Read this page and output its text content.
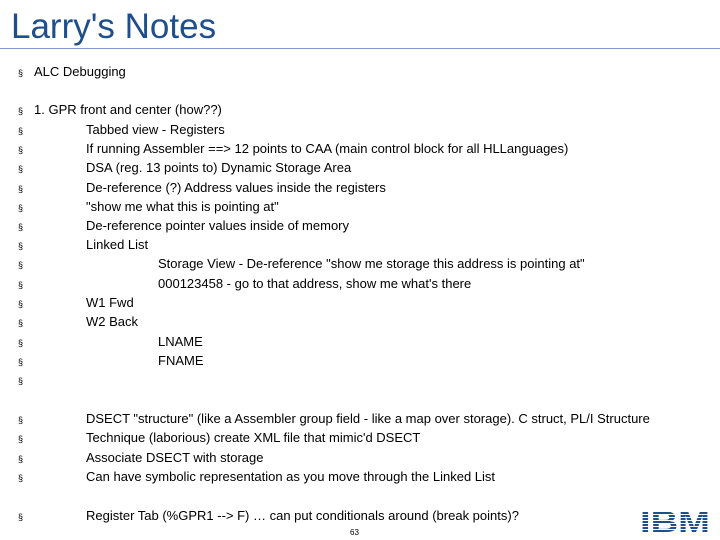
Larry's Notes
§ ALC Debugging
§ 1. GPR front and center (how??)
§	Tabbed view - Registers
§	If running Assembler ==> 12 points to CAA (main control block for all HLLanguages)
§	DSA (reg. 13 points to) Dynamic Storage Area
§	De-reference (?) Address values inside the registers
§	"show me what this is pointing at"
§	De-reference pointer values inside of memory
§	Linked List
§	Storage View - De-reference "show me storage this address is pointing at"
§	000123458 - go to that address, show me what's there
§	W1 Fwd
§	W2 Back
§	LNAME
§	FNAME
§
§	DSECT "structure" (like a Assembler group field - like a map over storage). C struct, PL/I Structure
§	Technique (laborious) create XML file that mimic'd DSECT
§	Associate DSECT with storage
§	Can have symbolic representation as you move through the Linked List
§	Register Tab (%GPR1 --> F) … can put conditionals around (break points)?
63
